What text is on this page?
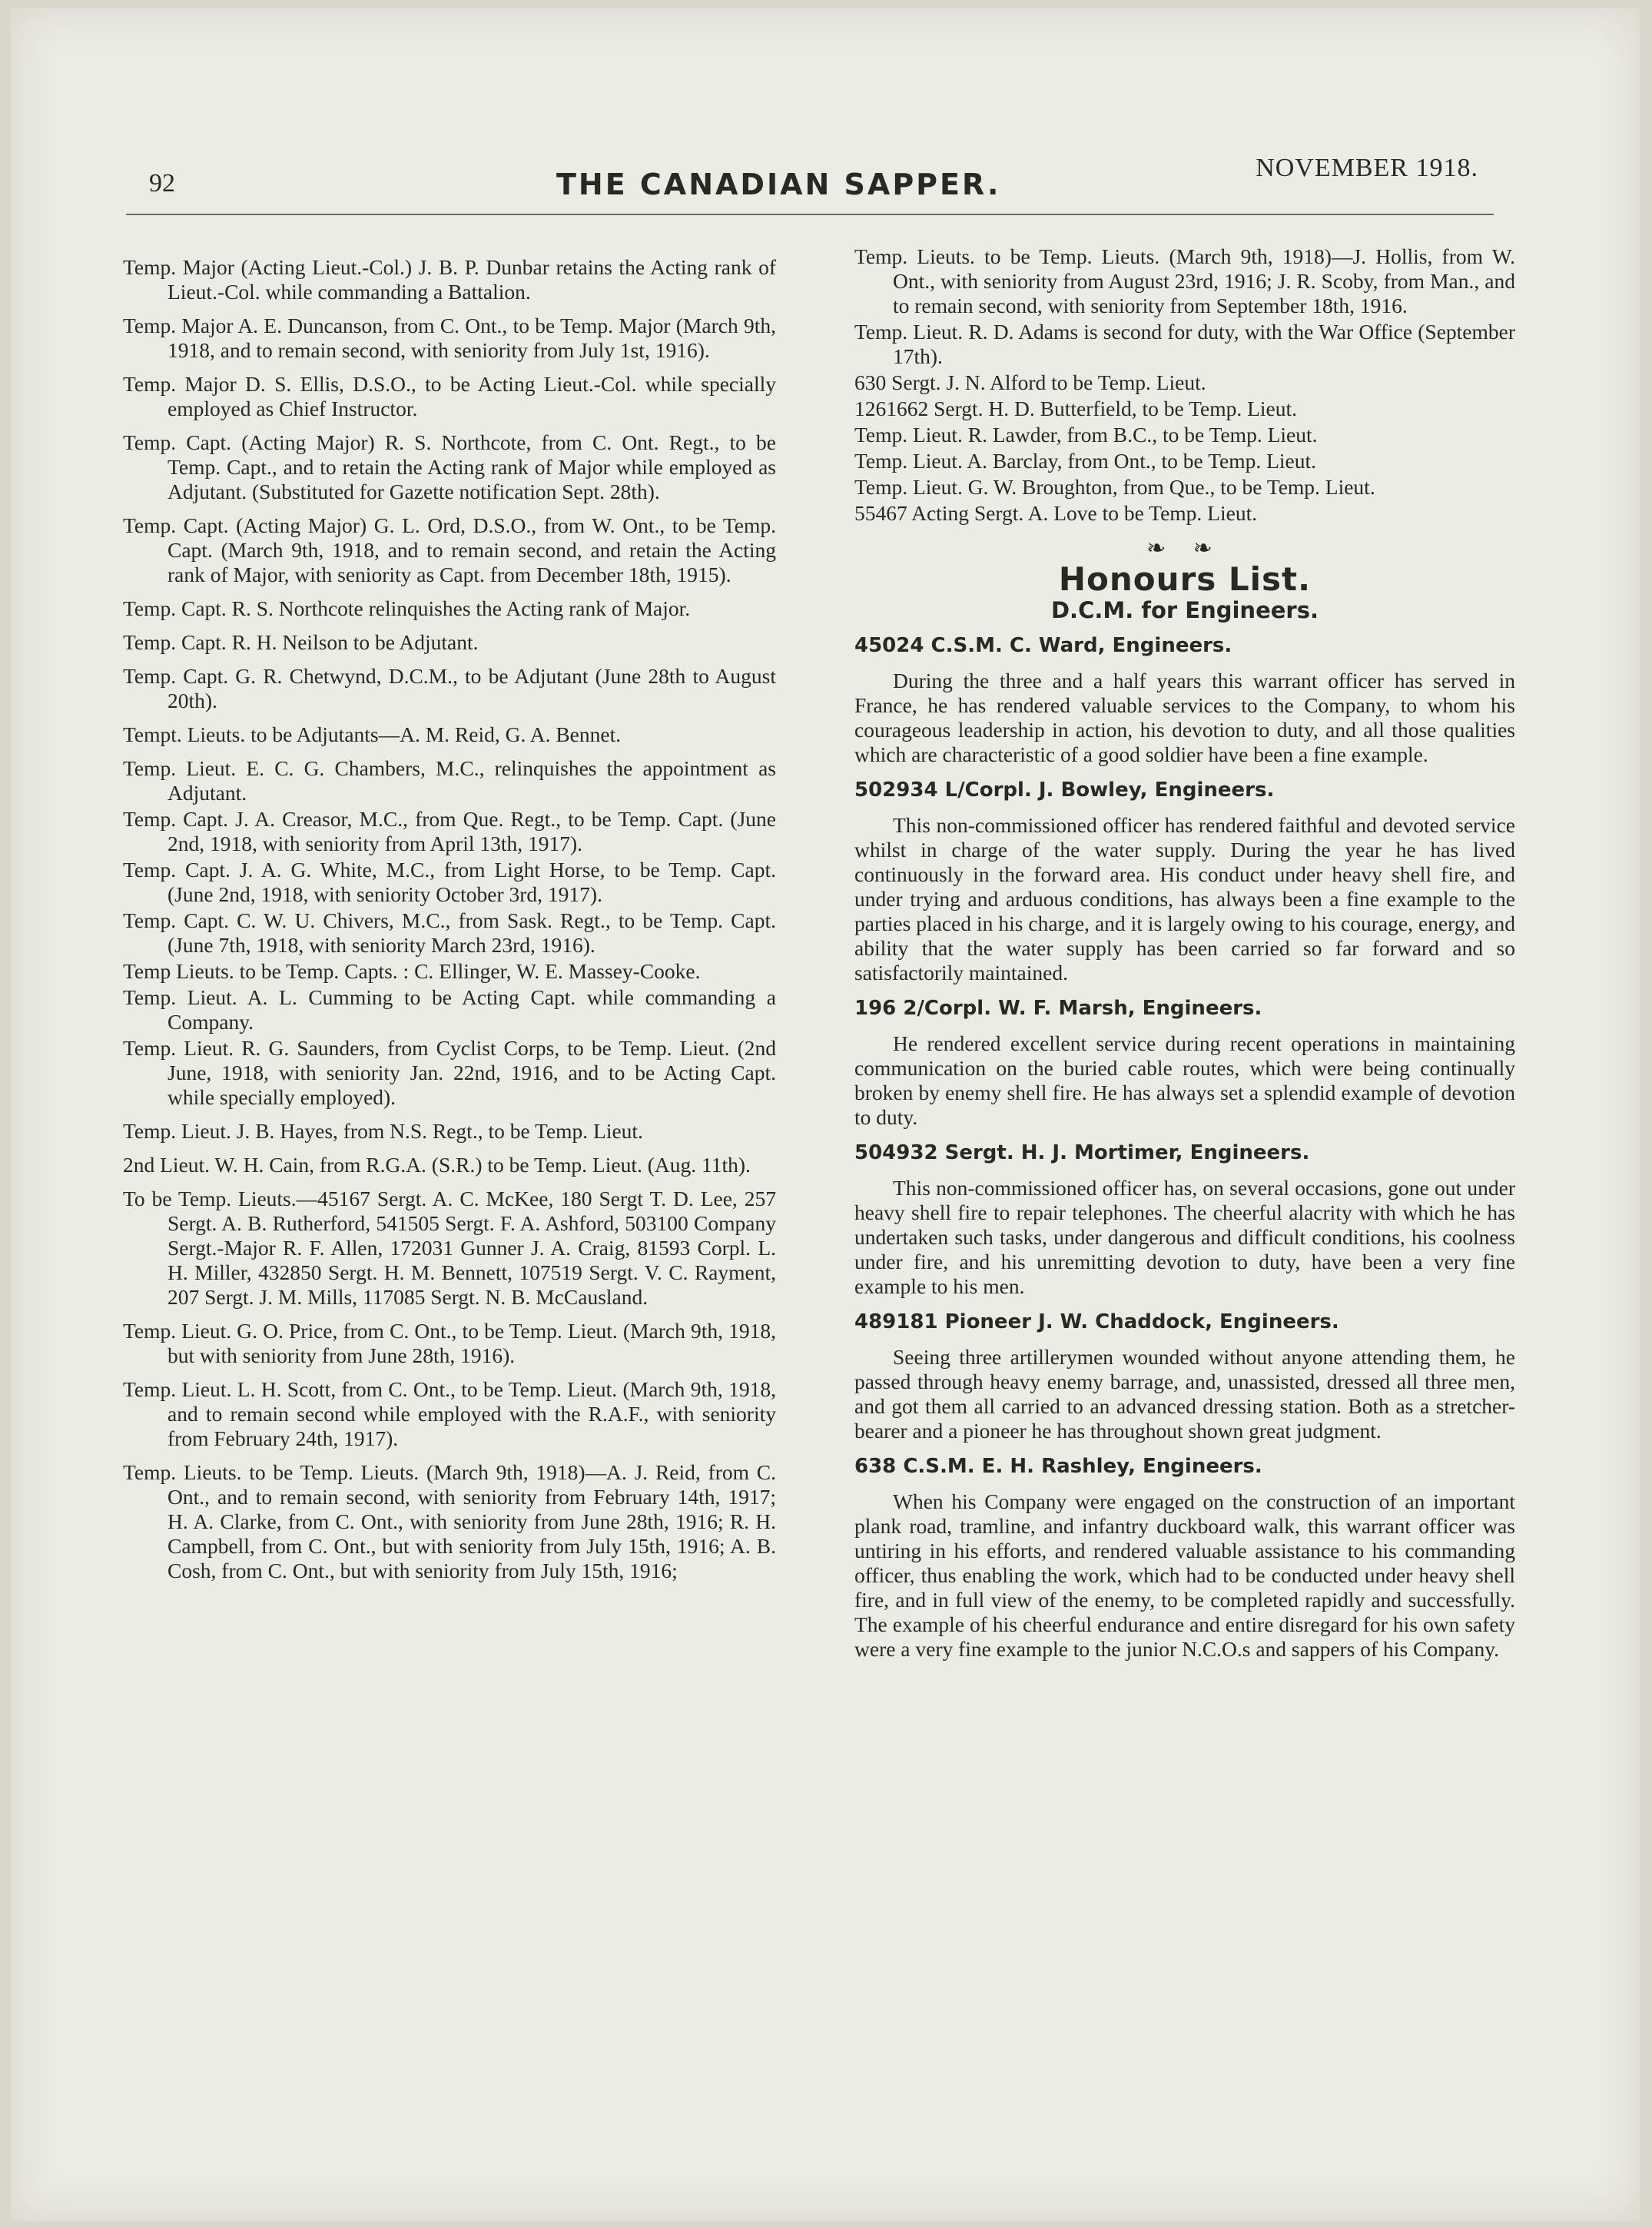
92	THE CANADIAN SAPPER.	NOVEMBER 1918.

Temp. Major (Acting Lieut.-Col.) J. B. P. Dunbar retains the Acting rank of Lieut.-Col. while commanding a Battalion.

Temp. Major A. E. Duncanson, from C. Ont., to be Temp. Major (March 9th, 1918, and to remain second, with seniority from July 1st, 1916).

Temp. Major D. S. Ellis, D.S.O., to be Acting Lieut.-Col. while specially employed as Chief Instructor.

Temp. Capt. (Acting Major) R. S. Northcote, from C. Ont. Regt., to be Temp. Capt., and to retain the Acting rank of Major while employed as Adjutant. (Substituted for Gazette notification Sept. 28th).

Temp. Capt. (Acting Major) G. L. Ord, D.S.O., from W. Ont., to be Temp. Capt. (March 9th, 1918, and to remain second, and retain the Acting rank of Major, with seniority as Capt. from December 18th, 1915).

Temp. Capt. R. S. Northcote relinquishes the Acting rank of Major.

Temp. Capt. R. H. Neilson to be Adjutant.

Temp. Capt. G. R. Chetwynd, D.C.M., to be Adjutant (June 28th to August 20th).

Tempt. Lieuts. to be Adjutants—A. M. Reid, G. A. Bennet.

Temp. Lieut. E. C. G. Chambers, M.C., relinquishes the appointment as Adjutant.

Temp. Capt. J. A. Creasor, M.C., from Que. Regt., to be Temp. Capt. (June 2nd, 1918, with seniority from April 13th, 1917).

Temp. Capt. J. A. G. White, M.C., from Light Horse, to be Temp. Capt. (June 2nd, 1918, with seniority October 3rd, 1917).

Temp. Capt. C. W. U. Chivers, M.C., from Sask. Regt., to be Temp. Capt. (June 7th, 1918, with seniority March 23rd, 1916).

Temp Lieuts. to be Temp. Capts. : C. Ellinger, W. E. Massey-Cooke.

Temp. Lieut. A. L. Cumming to be Acting Capt. while commanding a Company.

Temp. Lieut. R. G. Saunders, from Cyclist Corps, to be Temp. Lieut. (2nd June, 1918, with seniority Jan. 22nd, 1916, and to be Acting Capt. while specially employed).

Temp. Lieut. J. B. Hayes, from N.S. Regt., to be Temp. Lieut.

2nd Lieut. W. H. Cain, from R.G.A. (S.R.) to be Temp. Lieut. (Aug. 11th).

To be Temp. Lieuts.—45167 Sergt. A. C. McKee, 180 Sergt T. D. Lee, 257 Sergt. A. B. Rutherford, 541505 Sergt. F. A. Ashford, 503100 Company Sergt.-Major R. F. Allen, 172031 Gunner J. A. Craig, 81593 Corpl. L. H. Miller, 432850 Sergt. H. M. Bennett, 107519 Sergt. V. C. Rayment, 207 Sergt. J. M. Mills, 117085 Sergt. N. B. McCausland.

Temp. Lieut. G. O. Price, from C. Ont., to be Temp. Lieut. (March 9th, 1918, but with seniority from June 28th, 1916).

Temp. Lieut. L. H. Scott, from C. Ont., to be Temp. Lieut. (March 9th, 1918, and to remain second while employed with the R.A.F., with seniority from February 24th, 1917).

Temp. Lieuts. to be Temp. Lieuts. (March 9th, 1918)—A. J. Reid, from C. Ont., and to remain second, with seniority from February 14th, 1917; H. A. Clarke, from C. Ont., with seniority from June 28th, 1916; R. H. Campbell, from C. Ont., but with seniority from July 15th, 1916; A. B. Cosh, from C. Ont., but with seniority from July 15th, 1916;

Temp. Lieuts. to be Temp. Lieuts. (March 9th, 1918)—J. Hollis, from W. Ont., with seniority from August 23rd, 1916; J. R. Scoby, from Man., and to remain second, with seniority from September 18th, 1916.

Temp. Lieut. R. D. Adams is second for duty, with the War Office (September 17th).

630 Sergt. J. N. Alford to be Temp. Lieut.

1261662 Sergt. H. D. Butterfield, to be Temp. Lieut.

Temp. Lieut. R. Lawder, from B.C., to be Temp. Lieut.

Temp. Lieut. A. Barclay, from Ont., to be Temp. Lieut.

Temp. Lieut. G. W. Broughton, from Que., to be Temp. Lieut.

55467 Acting Sergt. A. Love to be Temp. Lieut.

❧ ❧
Honours List.
D.C.M. for Engineers.
45024 C.S.M. C. Ward, Engineers.

During the three and a half years this warrant officer has served in France, he has rendered valuable services to the Company, to whom his courageous leadership in action, his devotion to duty, and all those qualities which are characteristic of a good soldier have been a fine example.

502934 L/Corpl. J. Bowley, Engineers.

This non-commissioned officer has rendered faithful and devoted service whilst in charge of the water supply. During the year he has lived continuously in the forward area. His conduct under heavy shell fire, and under trying and arduous conditions, has always been a fine example to the parties placed in his charge, and it is largely owing to his courage, energy, and ability that the water supply has been carried so far forward and so satisfactorily maintained.

196 2/Corpl. W. F. Marsh, Engineers.

He rendered excellent service during recent operations in maintaining communication on the buried cable routes, which were being continually broken by enemy shell fire. He has always set a splendid example of devotion to duty.

504932 Sergt. H. J. Mortimer, Engineers.

This non-commissioned officer has, on several occasions, gone out under heavy shell fire to repair telephones. The cheerful alacrity with which he has undertaken such tasks, under dangerous and difficult conditions, his coolness under fire, and his unremitting devotion to duty, have been a very fine example to his men.

489181 Pioneer J. W. Chaddock, Engineers.

Seeing three artillerymen wounded without anyone attending them, he passed through heavy enemy barrage, and, unassisted, dressed all three men, and got them all carried to an advanced dressing station. Both as a stretcher-bearer and a pioneer he has throughout shown great judgment.

638 C.S.M. E. H. Rashley, Engineers.

When his Company were engaged on the construction of an important plank road, tramline, and infantry duckboard walk, this warrant officer was untiring in his efforts, and rendered valuable assistance to his commanding officer, thus enabling the work, which had to be conducted under heavy shell fire, and in full view of the enemy, to be completed rapidly and successfully. The example of his cheerful endurance and entire disregard for his own safety were a very fine example to the junior N.C.O.s and sappers of his Company.
